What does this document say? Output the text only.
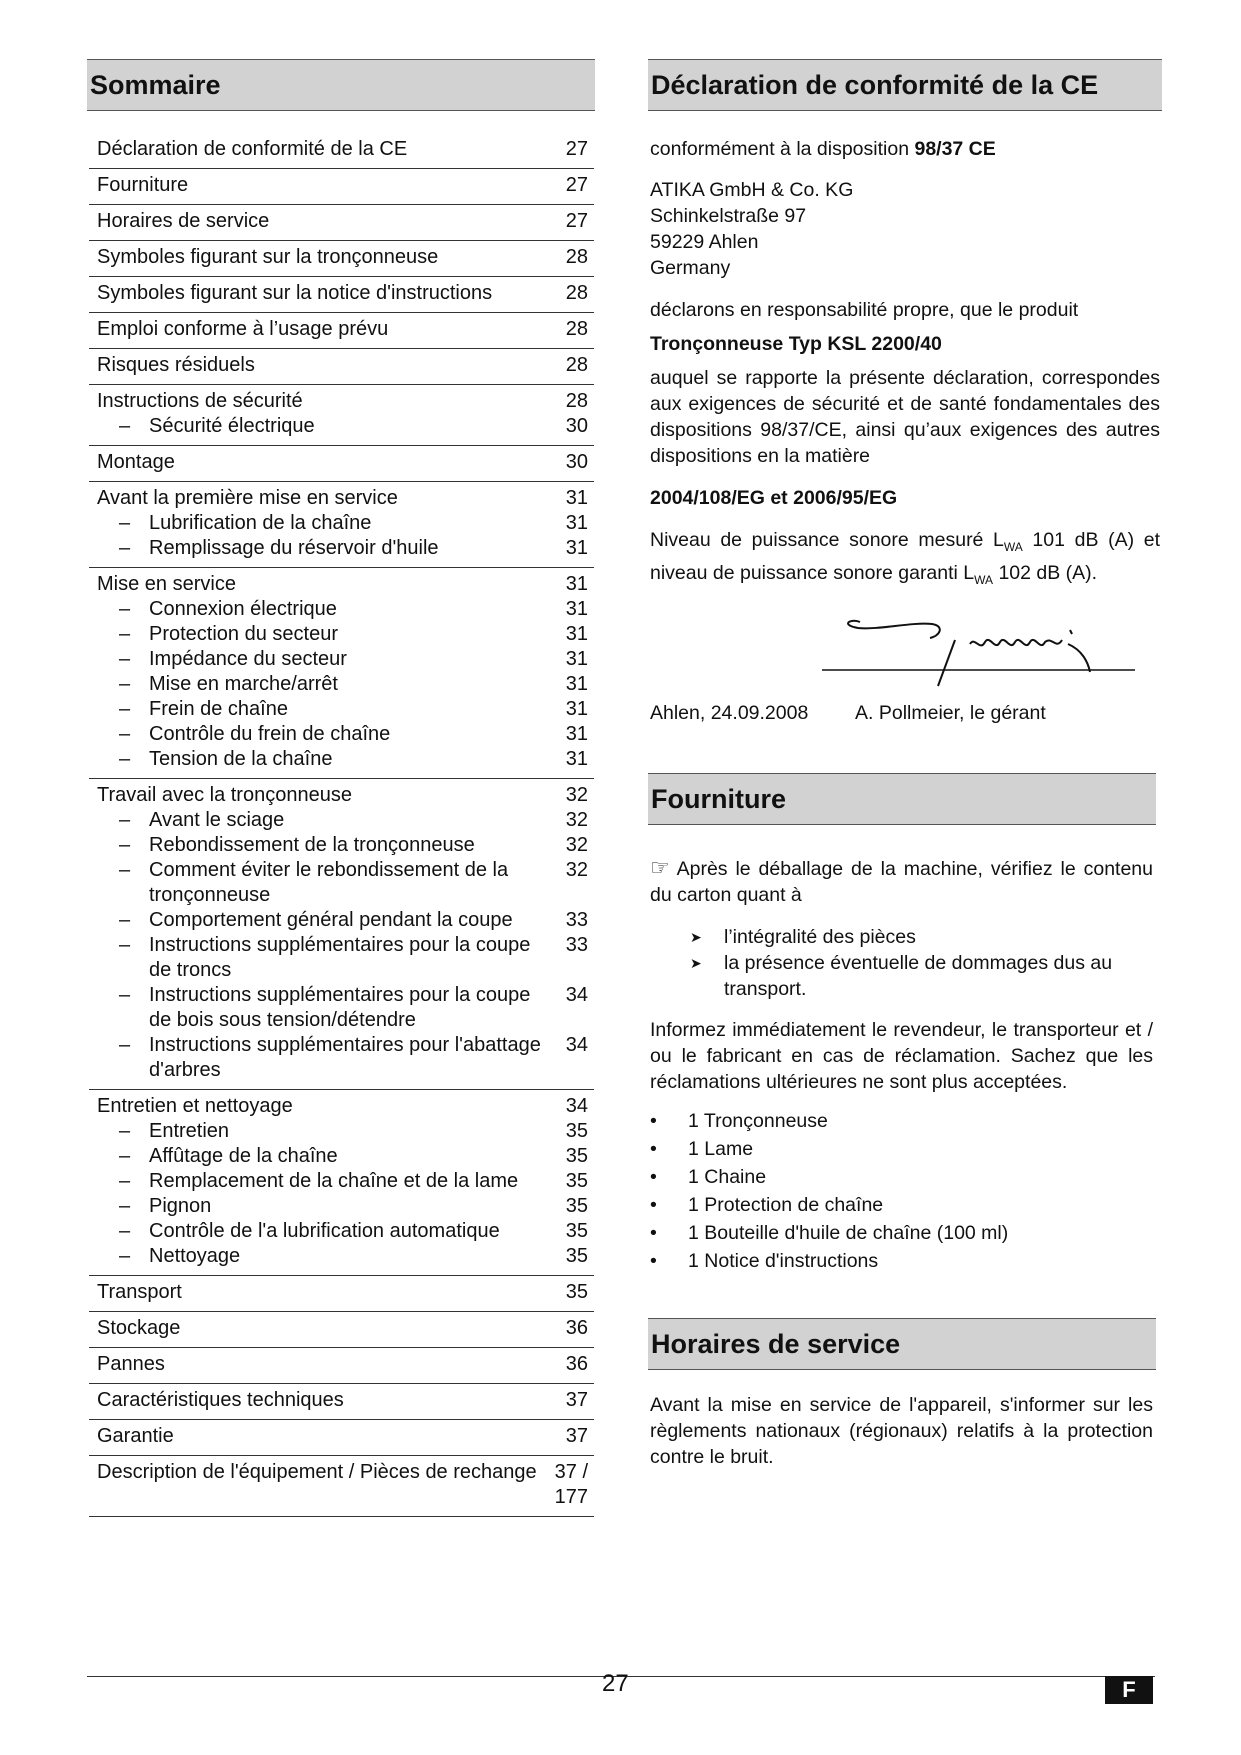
Sommaire
Déclaration de conformité de la CE	27
Fourniture	27
Horaires de service	27
Symboles figurant sur la tronçonneuse	28
Symboles figurant sur la notice d'instructions	28
Emploi conforme à l’usage prévu	28
Risques résiduels	28
Instructions de sécurité	28
– Sécurité électrique	30
Montage	30
Avant la première mise en service	31
– Lubrification de la chaîne	31
– Remplissage du réservoir d'huile	31
Mise en service	31
– Connexion électrique	31
– Protection du secteur	31
– Impédance du secteur	31
– Mise en marche/arrêt	31
– Frein de chaîne	31
– Contrôle du frein de chaîne	31
– Tension de la chaîne	31
Travail avec la tronçonneuse	32
– Avant le sciage	32
– Rebondissement de la tronçonneuse	32
– Comment éviter le rebondissement de la tronçonneuse
32
– Comportement général pendant la coupe	33
– Instructions supplémentaires pour la coupe de troncs
33
– Instructions supplémentaires pour la coupe de bois sous tension/détendre
34
– Instructions supplémentaires pour l'abattage d'arbres
34
Entretien et nettoyage	34
– Entretien	35
– Affûtage de la chaîne	35
– Remplacement de la chaîne et de la lame	35
– Pignon	35
– Contrôle de l'a lubrification automatique	35
– Nettoyage	35
Transport	35
Stockage	36
Pannes	36
Caractéristiques techniques	37
Garantie	37
Description de l'équipement / Pièces de rechange 37 / 177
Déclaration de conformité de la CE
conformément à la disposition 98/37 CE
ATIKA GmbH & Co. KG
Schinkelstraße 97
59229 Ahlen
Germany
déclarons en responsabilité propre, que le produit
Tronçonneuse Typ KSL 2200/40
auquel se rapporte la présente déclaration, correspondes aux exigences de sécurité et de santé fondamentales des dispositions 98/37/CE, ainsi qu’aux exigences des autres dispositions en la matière
2004/108/EG et 2006/95/EG
Niveau de puissance sonore mesuré $L_{WA}$ 101 dB (A) et niveau de puissance sonore garanti $L_{WA}$ 102 dB (A).
Ahlen, 24.09.2008 A. Pollmeier, le gérant
Fourniture
☞ Après le déballage de la machine, vérifiez le contenu du carton quant à
➤ l’intégralité des pièces
➤ la présence éventuelle de dommages dus au transport.
Informez immédiatement le revendeur, le transporteur et / ou le fabricant en cas de réclamation. Sachez que les réclamations ultérieures ne sont plus acceptées.
• 1 Tronçonneuse
• 1 Lame
• 1 Chaine
• 1 Protection de chaîne
• 1 Bouteille d'huile de chaîne (100 ml)
• 1 Notice d'instructions
Horaires de service
Avant la mise en service de l'appareil, s'informer sur les règlements nationaux (régionaux) relatifs à la protection contre le bruit.
27	F
